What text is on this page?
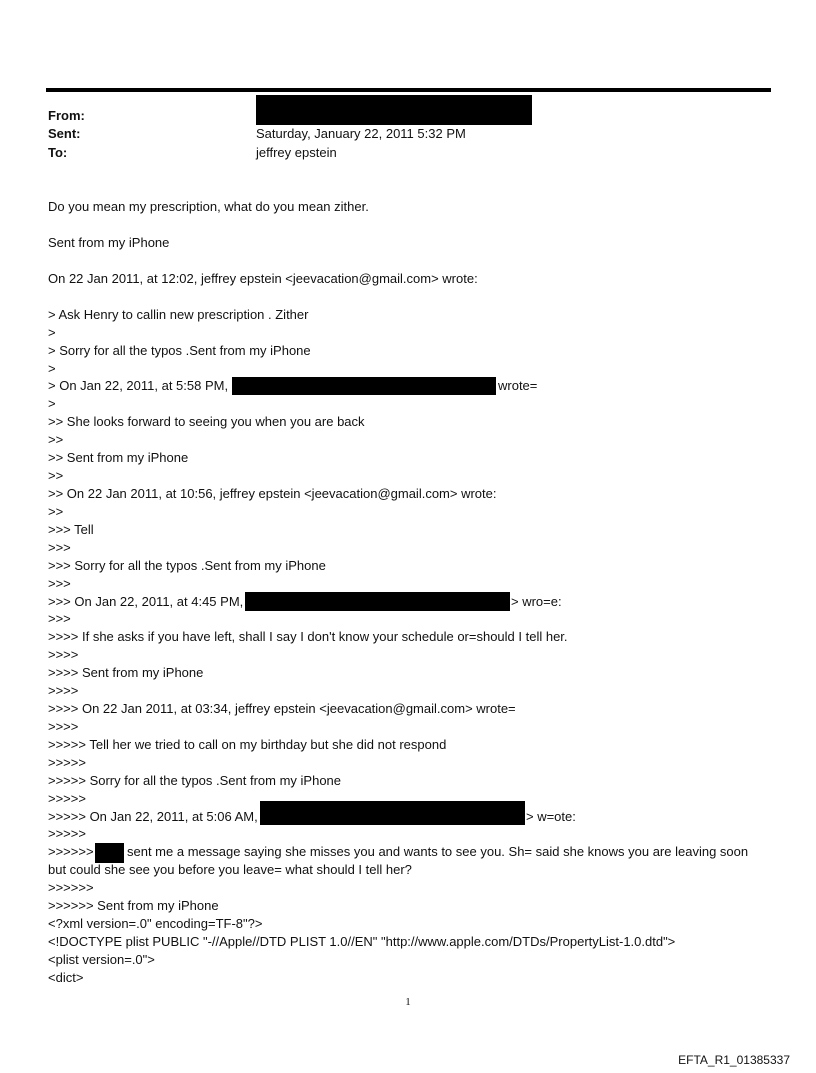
From:
Sent:	Saturday, January 22, 2011 5:32 PM
To:	jeffrey epstein
Do you mean my prescription, what do you mean zither.
Sent from my iPhone
On 22 Jan 2011, at 12:02, jeffrey epstein <jeevacation@gmail.com> wrote:
> Ask Henry to callin new prescription . Zither
>
> Sorry for all the typos .Sent from my iPhone
>
> On Jan 22, 2011, at 5:58 PM,	wrote=
>
>> She looks forward to seeing you when you are back
>>
>> Sent from my iPhone
>>
>> On 22 Jan 2011, at 10:56, jeffrey epstein <jeevacation@gmail.com> wrote:
>>
>>> Tell
>>>
>>> Sorry for all the typos .Sent from my iPhone
>>>
>>> On Jan 22, 2011, at 4:45 PM,	> wro=e:
>>>
>>>> If she asks if you have left, shall I say I don't know your schedule or=should I tell her.
>>>>
>>>> Sent from my iPhone
>>>>
>>>> On 22 Jan 2011, at 03:34, jeffrey epstein <jeevacation@gmail.com> wrote=
>>>>
>>>>> Tell her we tried to call on my birthday but she did not respond
>>>>>
>>>>> Sorry for all the typos .Sent from my iPhone
>>>>>
>>>>> On Jan 22, 2011, at 5:06 AM,	> w=ote:
>>>>>
>>>>>>	sent me a message saying she misses you and wants to see you. Sh= said she knows you are leaving soon
but could she see you before you leave= what should I tell her?
>>>>>>
>>>>>> Sent from my iPhone
<?xml version=.0" encoding=TF-8"?>
<!DOCTYPE plist PUBLIC "-//Apple//DTD PLIST 1.0//EN" "http://www.apple.com/DTDs/PropertyList-1.0.dtd">
<plist version=.0">
<dict>
1
EFTA_R1_01385337
